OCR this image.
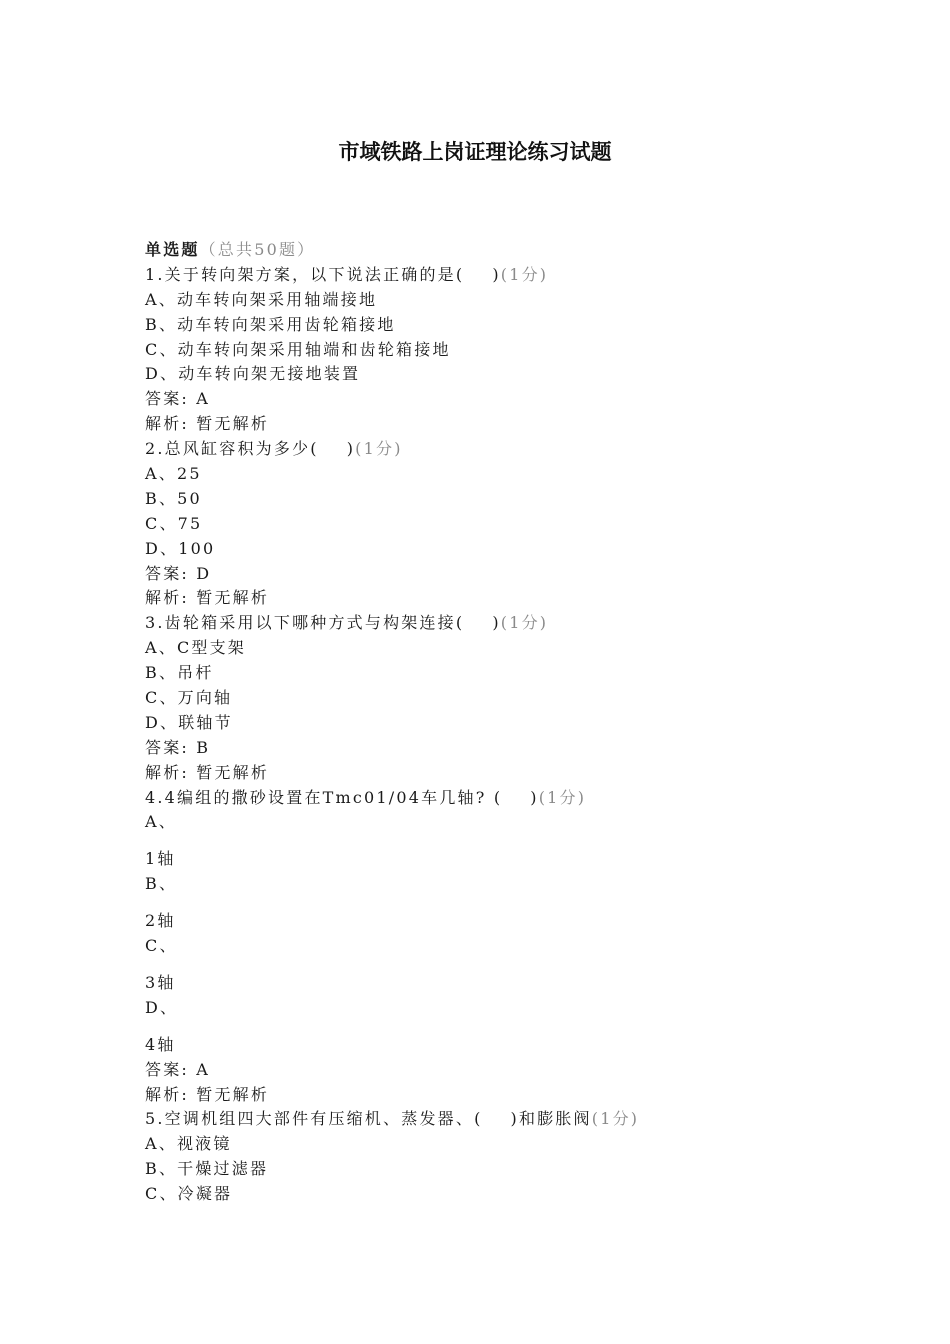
市域铁路上岗证理论练习试题
单选题（总共50题）
1.关于转向架方案，以下说法正确的是( )(1分)
A、动车转向架采用轴端接地
B、动车转向架采用齿轮箱接地
C、动车转向架采用轴端和齿轮箱接地
D、动车转向架无接地装置
答案: A
解析: 暂无解析
2.总风缸容积为多少( )(1分)
A、25
B、50
C、75
D、100
答案: D
解析: 暂无解析
3.齿轮箱采用以下哪种方式与构架连接( )(1分)
A、C型支架
B、吊杆
C、万向轴
D、联轴节
答案: B
解析: 暂无解析
4.4编组的撒砂设置在Tmc01/04车几轴? ( )(1分)
A、
1轴
B、
2轴
C、
3轴
D、
4轴
答案: A
解析: 暂无解析
5.空调机组四大部件有压缩机、蒸发器、( )和膨胀阀(1分)
A、视液镜
B、干燥过滤器
C、冷凝器
